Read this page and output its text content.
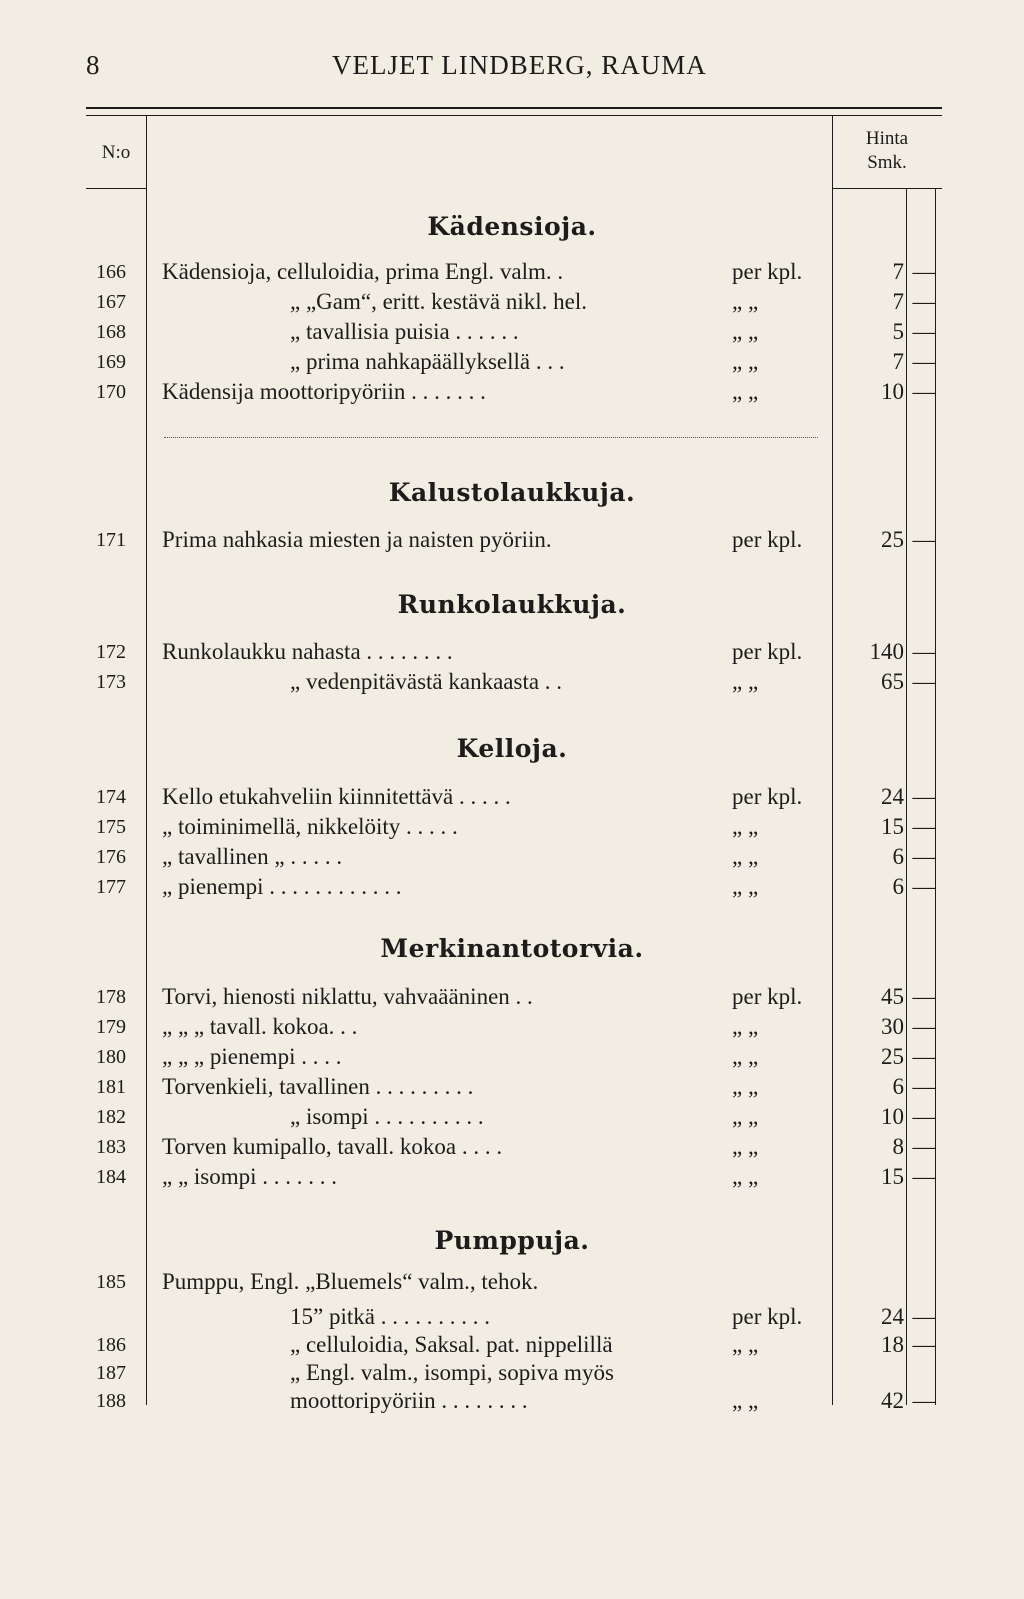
8	VELJET LINDBERG, RAUMA
N:o
Hinta
Smk.
Kädensioja.
166	Kädensioja, celluloidia, prima Engl. valm. .	per kpl.	7 —
167	„ „Gam“, eritt. kestävä nikl. hel.	„ „	7 —
168	„ tavallisia puisia . . . . . .	„ „	5 —
169	„ prima nahkapäällyksellä . . .	„ „	7 —
170	Kädensija moottoripyöriin . . . . . . .	„ „	10 —
Kalustolaukkuja.
171	Prima nahkasia miesten ja naisten pyöriin.	per kpl.	25 —
Runkolaukkuja.
172	Runkolaukku nahasta . . . . . . . .	per kpl.	140 —
173	„ vedenpitävästä kankaasta . .	„ „	65 —
Kelloja.
174	Kello etukahveliin kiinnitettävä . . . . .	per kpl.	24 —
175	„ toiminimellä, nikkelöity . . . . .	„ „	15 —
176	„ tavallinen „ . . . . .	„ „	6 —
177	„ pienempi . . . . . . . . . . . .	„ „	6 —
Merkinantotorvia.
178	Torvi, hienosti niklattu, vahvaääninen . .	per kpl.	45 —
179	„ „ „ tavall. kokoa. . .	„ „	30 —
180	„ „ „ pienempi . . . .	„ „	25 —
181	Torvenkieli, tavallinen . . . . . . . . .	„ „	6 —
182	„ isompi . . . . . . . . . .	„ „	10 —
183	Torven kumipallo, tavall. kokoa . . . .	„ „	8 —
184	„ „ isompi . . . . . . .	„ „	15 —
Pumppuja.
185	Pumppu, Engl. „Bluemels“ valm., tehok.
15” pitkä . . . . . . . . . .	per kpl.	24 —
186	„ celluloidia, Saksal. pat. nippelillä	„ „	18 —
187	„ Engl. valm., isompi, sopiva myös
188	moottoripyöriin . . . . . . . .	„ „	42 —
